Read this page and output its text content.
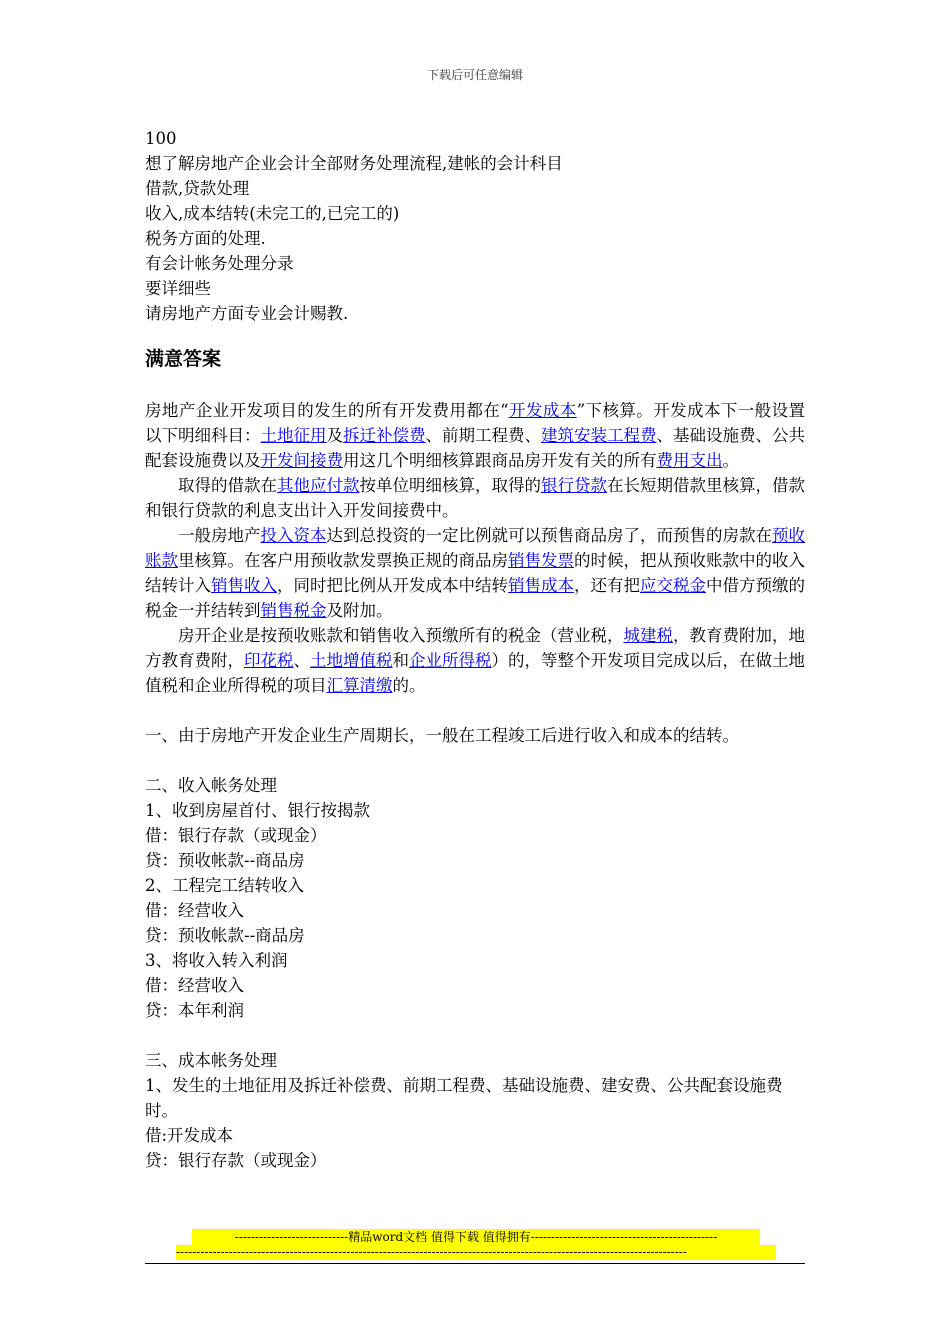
下载后可任意编辑

100

想了解房地产企业会计全部财务处理流程,建帐的会计科目

借款,贷款处理

收入,成本结转(未完工的,已完工的)

税务方面的处理.

有会计帐务处理分录

要详细些

请房地产方面专业会计赐教.

满意答案

房地产企业开发项目的发生的所有开发费用都在“开发成本”下核算。开发成本下一般设置以下明细科目：土地征用及拆迁补偿费、前期工程费、建筑安装工程费、基础设施费、公共配套设施费以及开发间接费用这几个明细核算跟商品房开发有关的所有费用支出。

取得的借款在其他应付款按单位明细核算，取得的银行贷款在长短期借款里核算，借款和银行贷款的利息支出计入开发间接费中。

一般房地产投入资本达到总投资的一定比例就可以预售商品房了，而预售的房款在预收账款里核算。在客户用预收款发票换正规的商品房销售发票的时候，把从预收账款中的收入结转计入销售收入，同时把比例从开发成本中结转销售成本，还有把应交税金中借方预缴的税金一并结转到销售税金及附加。

房开企业是按预收账款和销售收入预缴所有的税金（营业税，城建税，教育费附加，地方教育费附，印花税、土地增值税和企业所得税）的，等整个开发项目完成以后，在做土地值税和企业所得税的项目汇算清缴的。

一、由于房地产开发企业生产周期长，一般在工程竣工后进行收入和成本的结转。

二、收入帐务处理

1、收到房屋首付、银行按揭款

借：银行存款（或现金）

贷：预收帐款--商品房

2、工程完工结转收入

借：经营收入

贷：预收帐款--商品房

3、将收入转入利润

借：经营收入

贷：本年利润

三、成本帐务处理

1、发生的土地征用及拆迁补偿费、前期工程费、基础设施费、建安费、公共配套设施费时。

借:开发成本

贷：银行存款（或现金）

----------------------------精品word文档 值得下载 值得拥有----------------------------------------------
------------------------------------------------------------------------------------------------------------------------------
